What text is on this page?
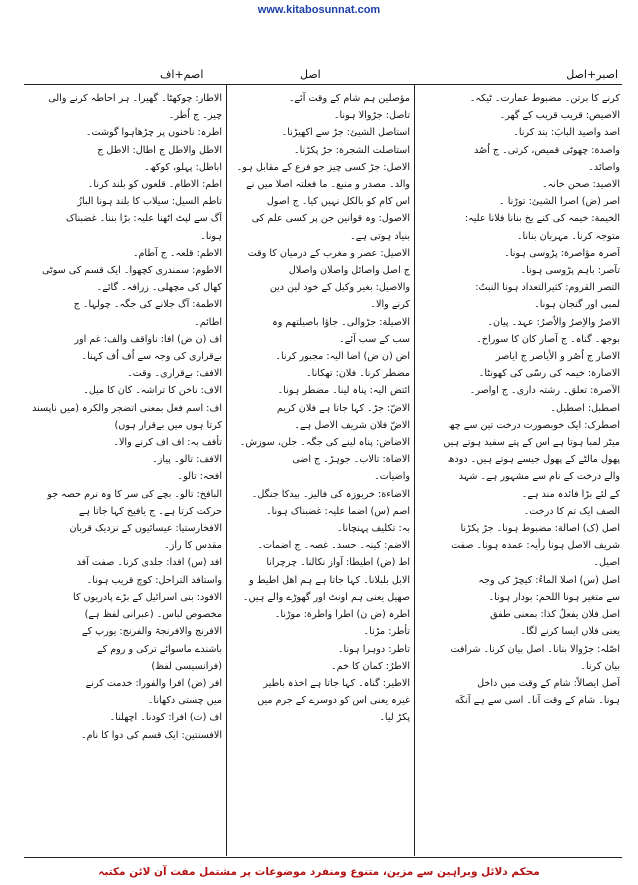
www.kitabosunnat.com
اصبر+اصل
اصل
اصم+اف
کرنے کا برتن۔ مضبوط عمارت۔ ٹیکہ۔
الاصیص: قریب قریب کے گھر۔
اصد واصید البابَ: بند کرنا۔
واصدة: چھوٹی قمیص، کرتی۔ ج اُصُد
واصائد۔
الاصید: صحن خانہ۔
اصر (ض) اصرا الشیئ: توڑنا ۔
الخیمة: خیمہ کی کنے یخ بنانا فلانا علیہ:
متوجہ کرنا۔ مہربان بنانا۔
آصرہ مؤاصرة: پڑوسی ہونا۔
تآصر: باہم پڑوسی ہونا۔
التصر القروم: کثیرالتعداد ہونا النبتُ:
لمبی اور گنجان ہونا۔
الاصرُ والاِصرُ والاُصرُ: عہد۔ پیان۔
بوجھ۔ گناہ۔ ج آصار کان کا سوراخ۔
الاصار ج اُصُر و الأیاصر ج ایاصر
الاصارة: خیمہ کی رسّی کی کھونٹا۔
الآصرة: تعلق۔ رشتہ داری۔ ج اواصر۔
اصطبل: اصطبل۔
اصطرک: ایک خوبصورت درخت تین سے چھ
میٹر لمبا ہوتا ہے اس کے پتے سفید ہوتے ہیں
پھول مالٹے کے پھول جیسے ہوتے ہیں۔ دودھ
والے درخت کے نام سے مشہور ہے۔ شہد
کے لئے بڑا فائدہ مند ہے۔
الصف ایک تم کا درخت۔
اصل (ک) اصالة: مضبوط ہونا۔ جڑ پکڑنا
شریف الاصل ہونا رأیہ: عمدہ ہونا۔ صفت
اصیل۔
اصل (س) اصلا الماءُ: کیچڑ کی وجہ
سے متغیر ہونا اللحم: بودار ہونا۔
اصل فلان یفعلُ کذا: بمعنی طفق
یعنی فلاں ایسا کرنے لگا۔
اصّلہ: جڑوالا بنانا۔ اصل بیان کرنا۔ شرافت
بیان کرنا۔
آصل ایصالاً: شام کے وقت میں داخل
ہونا۔ شام کے وقت آنا۔ اسی سے ہے آنکَه
مؤصلین ہم شام کے وقت آئے۔
تاصل: جڑوالا ہونا۔
استاصل الشیئ: جڑ سے اکھیڑنا۔
استاصلت الشجرة: جڑ پکڑنا۔
الاصل: جڑ کسی چیز جو فرع کے مقابل ہو۔
والد۔ مصدر و منبع۔ ما فعلتہ اصلا میں نے
اس کام کو بالکل نہیں کیا۔ ج اصول
الاصول: وہ قوانین جن پر کسی علم کی
بنیاد ہوتی ہے۔
الاصیل: عصر و مغرب کے درمیان کا وقت
ج اصل واصائل واصلان واصلال
والاصیل: بغیر وکیل کے خود لین دین
کرنے والا۔
الاصیلة: جڑوالی۔ جاؤا باصیلتھم وہ
سب کے سب آئے۔
اض (ن ض) اضا الیہ: مجبور کرنا۔
مضطر کرنا۔ فلان: تھکانا۔
ائتض الیہ: پناہ لینا۔ مضطر ہونا۔
الاضّ: جڑ۔ کہا جاتا ہے فلان کریم
الاضّ فلان شریف الاصل ہے۔
الاضاض: پناہ لینے کی جگہ۔ جلن، سوزش۔
الاضاة: تالاب۔ جوہڑ۔ ج اضی
واضیات۔
الاضاءة: خربوزہ کی فالیز۔ بیدکا جنگل۔
اصم (س) اضما علیہ: غضبناک ہونا۔
بہ: تکلیف پہنچانا۔
الاضم: کینہ۔ حسد۔ غصہ۔ ج اضمات۔
اط (ض) اطیطا: آواز نکالنا۔ چرچرانا
الابل بلبلانا۔ کہا جاتا ہے ہم اهل اطیط و
صهیل یعنی ہم اونٹ اور گھوڑے والے ہیں۔
اطرہ (ض ن) اطرا واطرة: موڑنا۔
تأطر: مڑنا۔
تاطر: دوہرا ہونا۔
الاطرُ: کمان کا خم۔
الاطیر: گناہ۔ کہا جاتا ہے اخذہ باطیر
غیرہ یعنی اس کو دوسرے کے جرم میں
پکڑ لیا۔
الاطار: چوکھٹا۔ گھیرا۔ ہر احاطہ کرنے والی
چیز۔ ج اُطر۔
اطرہ: ناخنوں پر چڑھاہوا گوشت۔
الاطل والاطل ج اطال: الاطل ج
اباطل: پہلو، کوکھ۔
اطم: الاطام۔ قلعوں کو بلند کرنا۔
تاطم السیل: سیلاب کا بلند ہونا البازُ
آگ سے لپٹ اٹھنا علیہ: بڑا بننا۔ غضبناک
ہونا۔
الاطم: قلعہ۔ ج آطام۔
الاطوم: سمندری کچھوا۔ ایک قسم کی سوٹی
کھال کی مچھلی۔ زرافہ۔ گائے۔
الاطمة: آگ جلانے کی جگہ۔ چولہا۔ ج
اطائم۔
اف (ن ض) افا: ناواقف والف: غم اور
بےقراری کی وجہ سے اُف اُف کہنا۔
الافف: بےقراری۔ وقت۔
الاف: ناخن کا تراشہ۔ کان کا میل۔
اف: اسم فعل بمعنی اتضجر والکرہ (میں ناپسند
کرتا ہوں میں بےقرار ہوں)
تأفف بہ: اف اف کرنے والا۔
الافف: تالو۔ پیاز۔
افحہ: تالو۔
البافخ: تالو۔ بچے کی سر کا وہ نرم حصہ جو
حرکت کرتا ہے۔ ج یافیخ کہا جاتا ہے
الافخارستیا: عیسائیوں کے نزدیک قربان
مقدس کا راز۔
افد (س) افدا: جلدی کرنا۔ صفت آفد
واستافد التراحل: کوچ قریب ہونا۔
الافود: بنی اسرائیل کے بڑے پادریوں کا
مخصوص لباس۔ (عبرانی لفظ ہے)
الافرنج والافرنجۃ والفرنج: یورپ کے
باشندے ماسوائے ترکی و روم کے
(فرانسیسی لفظ)
افر (ض) افرا والفورا: خدمت کرنے
میں چستی دکھانا۔
اف (ت) افرا: کودنا۔ اچھلنا۔
الافسنتین: ایک قسم کی دوا کا نام۔
محکم دلائل وبراہین سے مزین، متنوع ومنفرد موضوعات پر مشتمل مفت آن لائن مکتبہ
